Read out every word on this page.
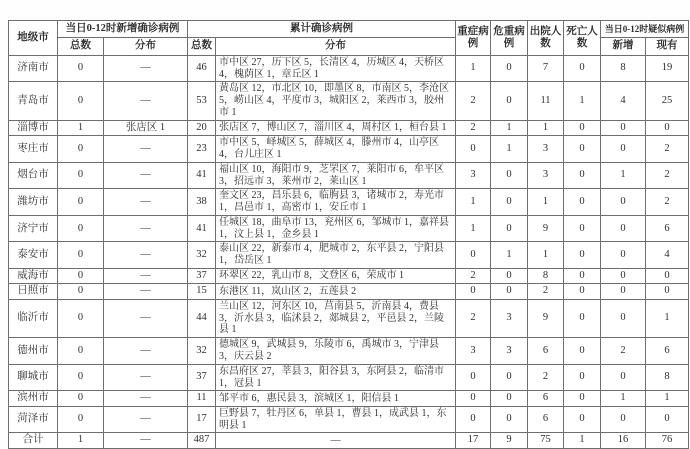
地级市	当日0-12时新增确诊病例		累计确诊病例		重症病例	危重病例	出院人数	死亡人数	当日0-12时疑似病例	
	总数	分布	总数	分布					新增	现有
济南市	0	—	46	市中区 27，历下区 5，长清区 4，历城区 4，天桥区 4，槐荫区 1，章丘区 1	1	0	7	0	8	19
青岛市	0	—	53	黄岛区 12，市北区 10，即墨区 8，市南区 5，李沧区 5，崂山区 4，平度市 3，城阳区 2，莱西市 3，胶州市 1	2	0	11	1	4	25
淄博市	1	张店区 1	20	张店区 7，博山区 7，淄川区 4，周村区 1，桓台县 1	2	1	1	0	0	0
枣庄市	0	—	23	市中区 5，峄城区 5，薛城区 4，滕州市 4，山亭区 4，台儿庄区 1	0	1	3	0	0	2
烟台市	0	—	41	福山区 10，海阳市 9，芝罘区 7，莱阳市 6，牟平区 3，招远市 3，莱州市 2，莱山区 1	3	0	3	0	1	2
潍坊市	0	—	38	奎文区 23，昌乐县 6，临朐县 3，诸城市 2，寿光市 1，昌邑市 1，高密市 1，安丘市 1	1	0	1	0	0	2
济宁市	0	—	41	任城区 18，曲阜市 13，兖州区 6，邹城市 1，嘉祥县 1，汶上县 1，金乡县 1	1	0	9	0	0	6
泰安市	0	—	32	泰山区 22，新泰市 4，肥城市 2，东平县 2，宁阳县 1，岱岳区 1	0	1	1	0	0	4
威海市	0	—	37	环翠区 22，乳山市 8，文登区 6，荣成市 1	2	0	8	0	0	0
日照市	0	—	15	东港区 11，岚山区 2，五莲县 2	0	0	2	0	0	0
临沂市	0	—	44	兰山区 12，河东区 10，莒南县 5，沂南县 4，费县 3，沂水县 3，临沭县 2，郯城县 2，平邑县 2，兰陵县 1	2	3	9	0	0	1
德州市	0	—	32	德城区 9，武城县 9，乐陵市 6，禹城市 3，宁津县 3，庆云县 2	3	3	6	0	2	6
聊城市	0	—	37	东昌府区 27，莘县 3，阳谷县 3，东阿县 2，临清市 1，冠县 1	0	0	2	0	0	8
滨州市	0	—	11	邹平市 6，惠民县 3，滨城区 1，阳信县 1	0	0	6	0	1	1
菏泽市	0	—	17	巨野县 7，牡丹区 6，单县 1，曹县 1，成武县 1，东明县 1	0	0	6	0	0	0
合计	1	—	487	—	17	9	75	1	16	76
